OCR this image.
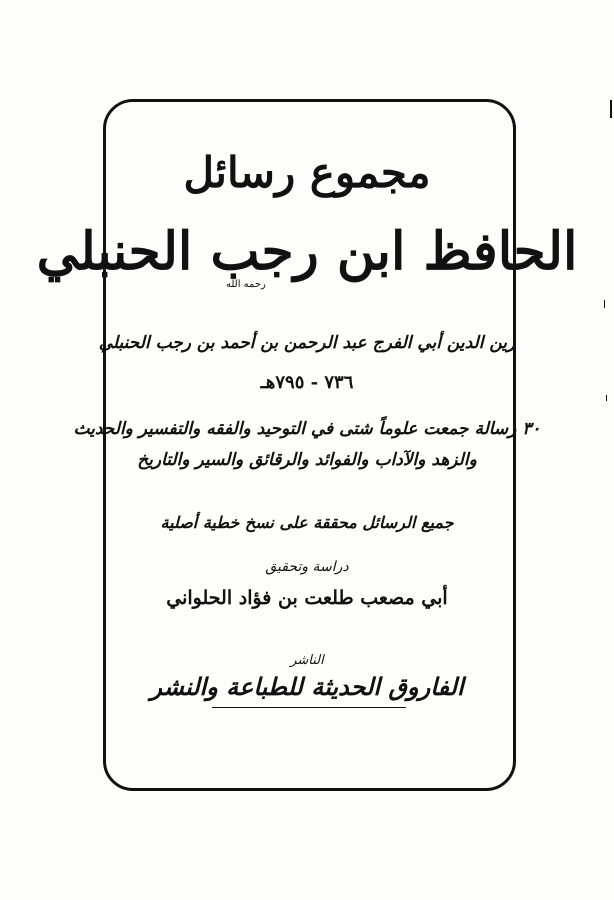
مجموع رسائل
الحافظ ابن رجب الحنبلي
رحمه الله
زين الدين أبي الفرج عبد الرحمن بن أحمد بن رجب الحنبلي
٧٣٦ - ٧٩٥هـ
٣٠ رسالة جمعت علوماً شتى في التوحيد والفقه والتفسير والحديث
والزهد والآداب والفوائد والرقائق والسير والتاريخ
جميع الرسائل محققة على نسخ خطية أصلية
دراسة وتحقيق
أبي مصعب طلعت بن فؤاد الحلواني
الناشر
الفاروق الحديثة للطباعة والنشر
